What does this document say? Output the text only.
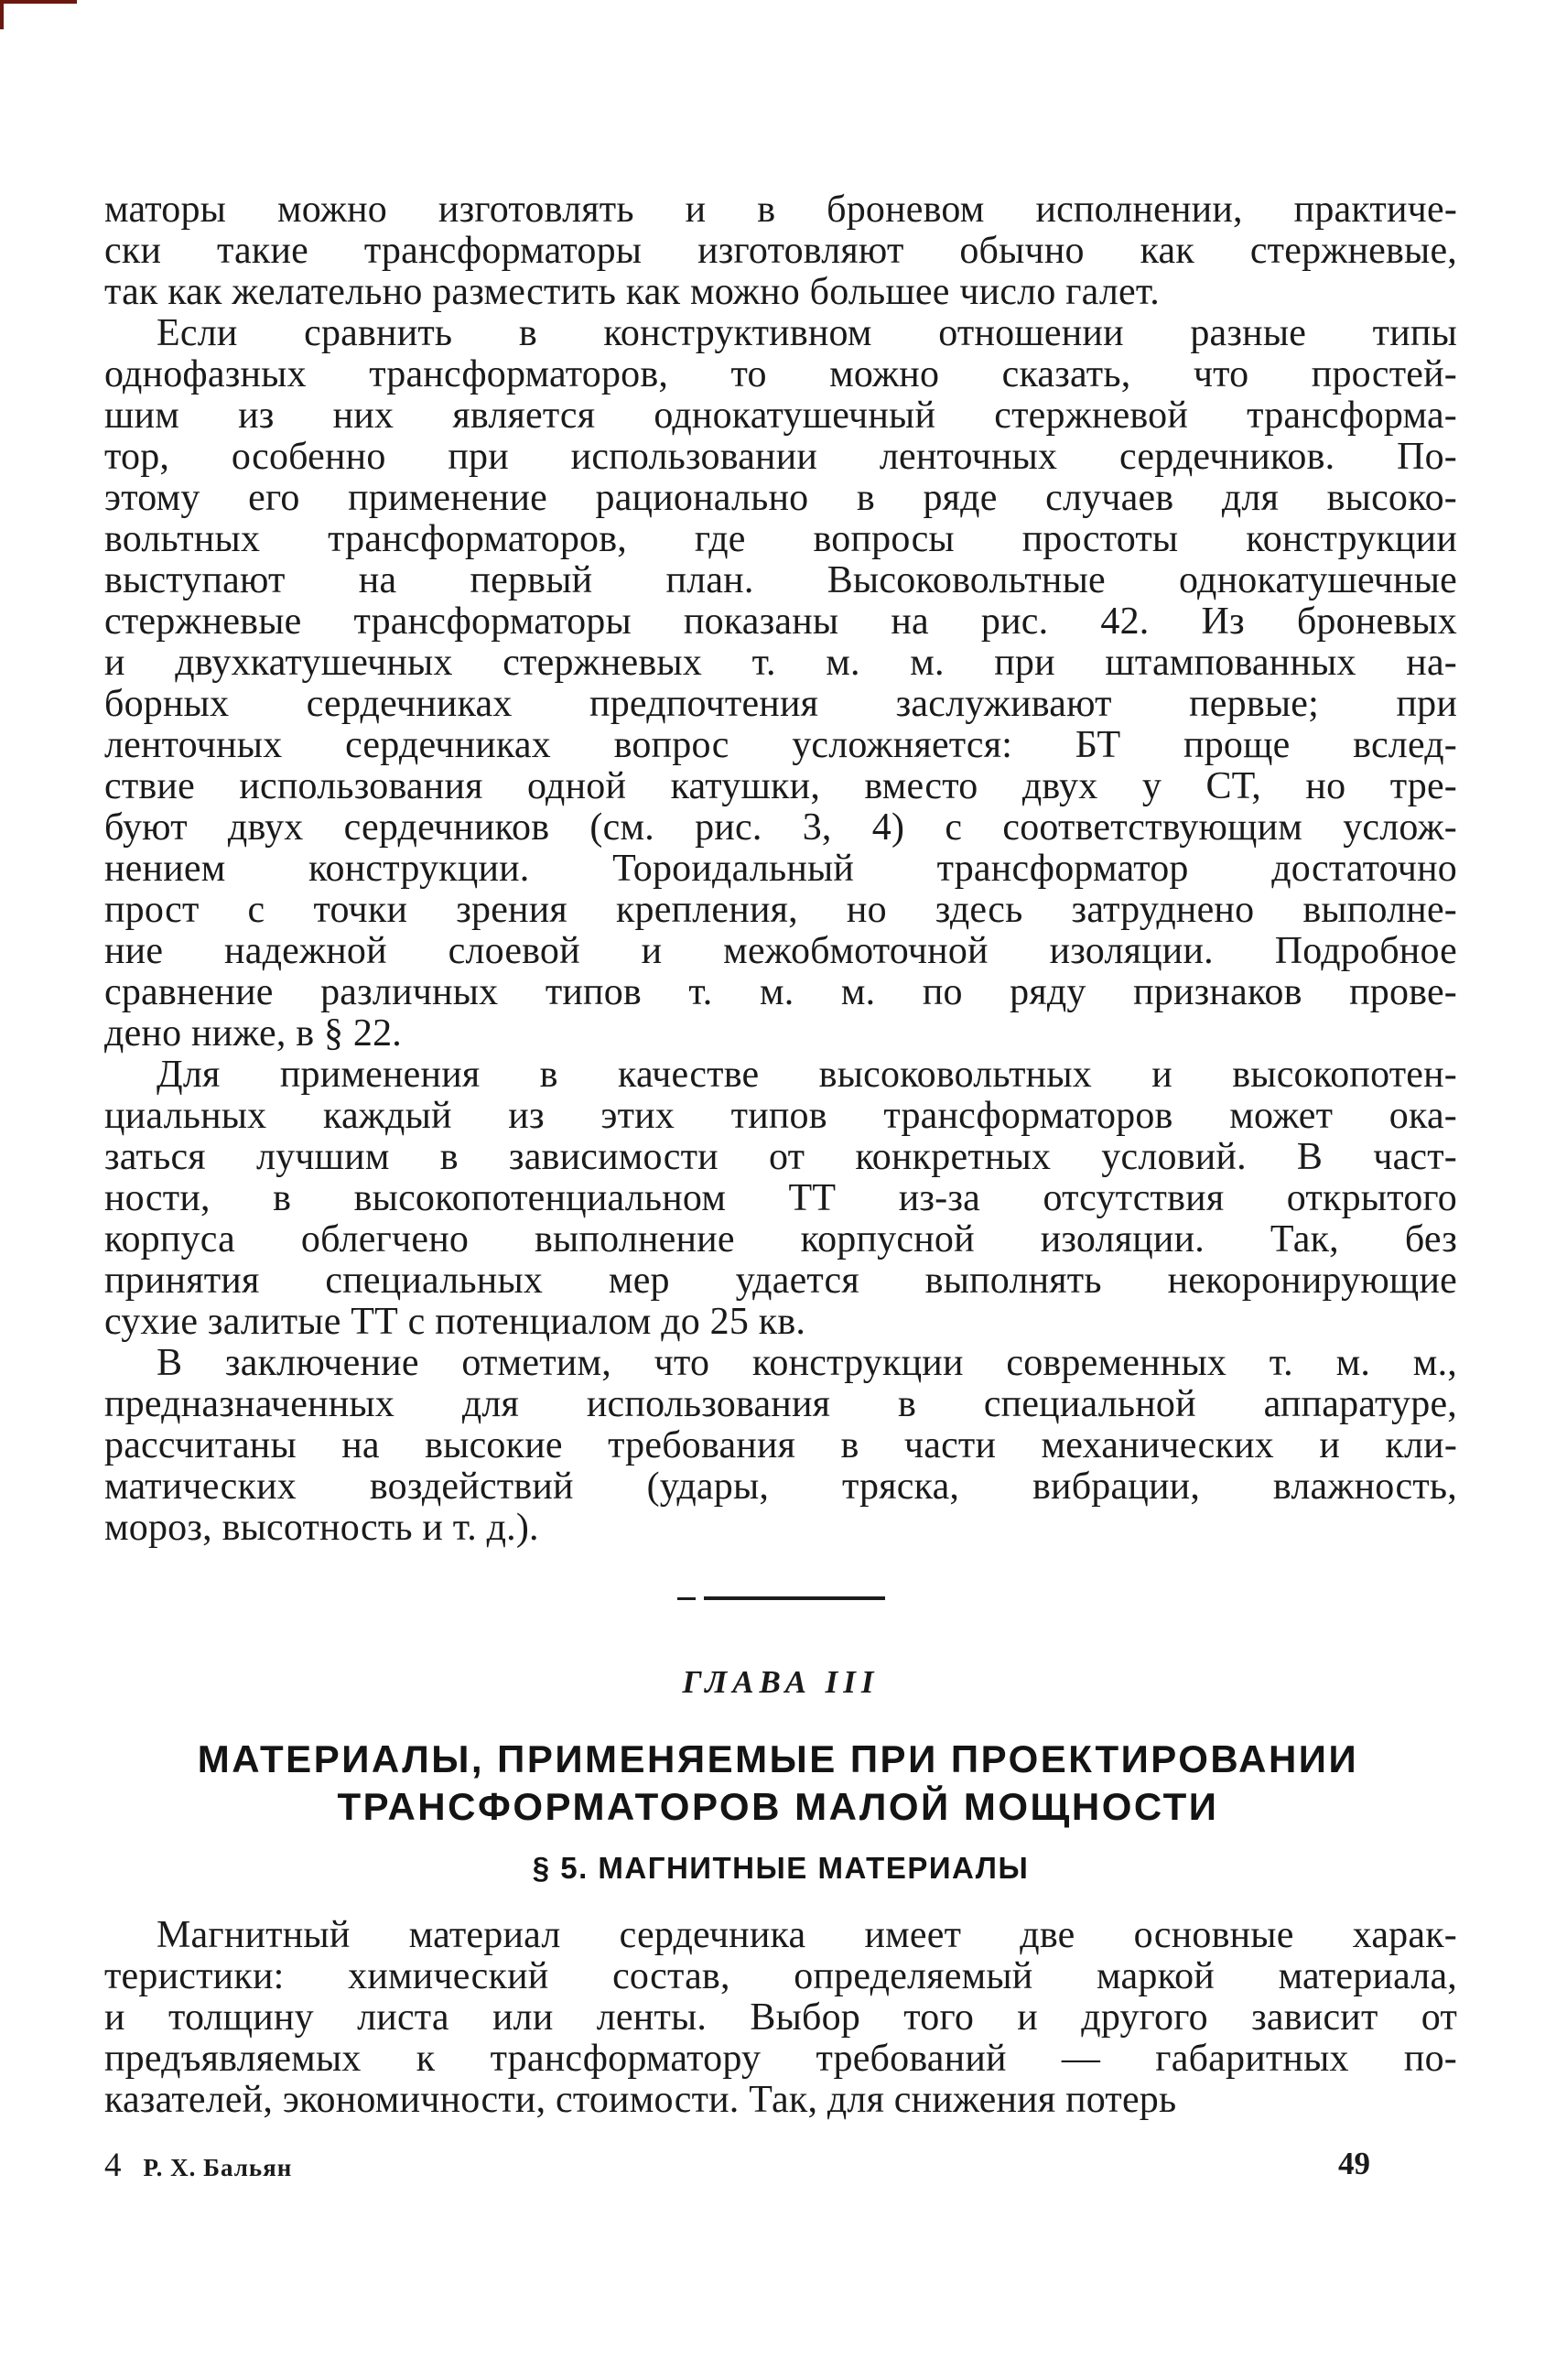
маторы можно изготовлять и в броневом исполнении, практиче-
ски такие трансформаторы изготовляют обычно как стержневые,
так как желательно разместить как можно большее число галет.
Если сравнить в конструктивном отношении разные типы
однофазных трансформаторов, то можно сказать, что простей-
шим из них является однокатушечный стержневой трансформа-
тор, особенно при использовании ленточных сердечников. По-
этому его применение рационально в ряде случаев для высоко-
вольтных трансформаторов, где вопросы простоты конструкции
выступают на первый план. Высоковольтные однокатушечные
стержневые трансформаторы показаны на рис. 42. Из броневых
и двухкатушечных стержневых т. м. м. при штампованных на-
борных сердечниках предпочтения заслуживают первые; при
ленточных сердечниках вопрос усложняется: БТ проще вслед-
ствие использования одной катушки, вместо двух у СТ, но тре-
буют двух сердечников (см. рис. 3, 4) с соответствующим услож-
нением конструкции. Тороидальный трансформатор достаточно
прост с точки зрения крепления, но здесь затруднено выполне-
ние надежной слоевой и межобмоточной изоляции. Подробное
сравнение различных типов т. м. м. по ряду признаков прове-
дено ниже, в § 22.
Для применения в качестве высоковольтных и высокопотен-
циальных каждый из этих типов трансформаторов может ока-
заться лучшим в зависимости от конкретных условий. В част-
ности, в высокопотенциальном ТТ из-за отсутствия открытого
корпуса облегчено выполнение корпусной изоляции. Так, без
принятия специальных мер удается выполнять некоронирующие
сухие залитые ТТ с потенциалом до 25 кв.
В заключение отметим, что конструкции современных т. м. м.,
предназначенных для использования в специальной аппаратуре,
рассчитаны на высокие требования в части механических и кли-
матических воздействий (удары, тряска, вибрации, влажность,
мороз, высотность и т. д.).
ГЛАВА III
МАТЕРИАЛЫ, ПРИМЕНЯЕМЫЕ ПРИ ПРОЕКТИРОВАНИИ
ТРАНСФОРМАТОРОВ МАЛОЙ МОЩНОСТИ
§ 5. МАГНИТНЫЕ МАТЕРИАЛЫ
Магнитный материал сердечника имеет две основные харак-
теристики: химический состав, определяемый маркой материала,
и толщину листа или ленты. Выбор того и другого зависит от
предъявляемых к трансформатору требований — габаритных по-
казателей, экономичности, стоимости. Так, для снижения потерь
4 Р. Х. Бальян	49
